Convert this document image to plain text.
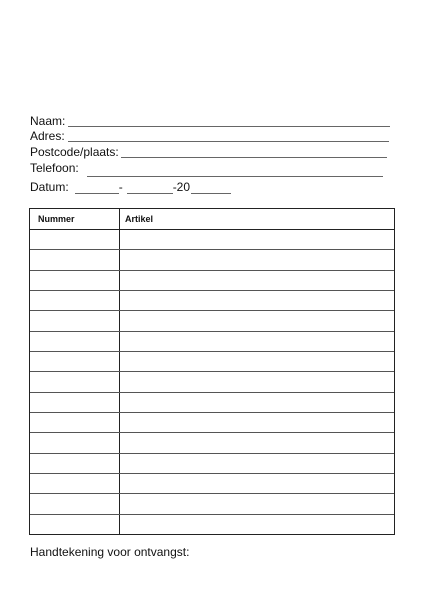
Naam:
Adres:
Postcode/plaats:
Telefoon:
Datum:	-	-20
Nummer	Artikel
Handtekening voor ontvangst:
